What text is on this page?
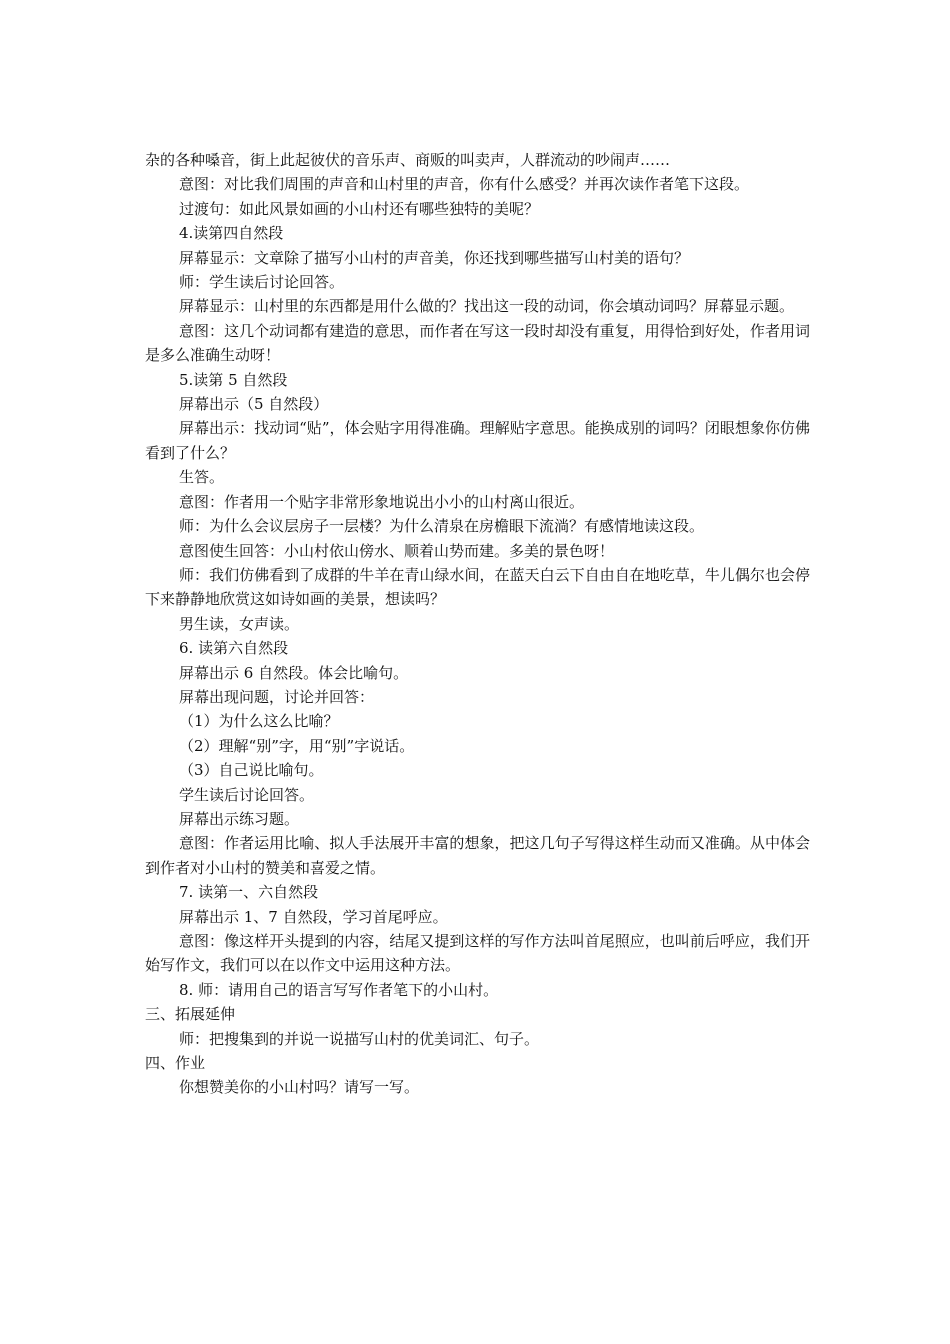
杂的各种嗓音，街上此起彼伏的音乐声、商贩的叫卖声，人群流动的吵闹声……

意图：对比我们周围的声音和山村里的声音，你有什么感受？并再次读作者笔下这段。

过渡句：如此风景如画的小山村还有哪些独特的美呢？

4.读第四自然段

屏幕显示：文章除了描写小山村的声音美，你还找到哪些描写山村美的语句？

师：学生读后讨论回答。

屏幕显示：山村里的东西都是用什么做的？找出这一段的动词，你会填动词吗？屏幕显示题。

意图：这几个动词都有建造的意思，而作者在写这一段时却没有重复，用得恰到好处，作者用词是多么准确生动呀！

5.读第 5 自然段

屏幕出示（5 自然段）

屏幕出示：找动词“贴”，体会贴字用得准确。理解贴字意思。能换成别的词吗？闭眼想象你仿佛看到了什么？

生答。

意图：作者用一个贴字非常形象地说出小小的山村离山很近。

师：为什么会议层房子一层楼？为什么清泉在房檐眼下流淌？有感情地读这段。

意图使生回答：小山村依山傍水、顺着山势而建。多美的景色呀！

师：我们仿佛看到了成群的牛羊在青山绿水间，在蓝天白云下自由自在地吃草，牛儿偶尔也会停下来静静地欣赏这如诗如画的美景，想读吗？

男生读，女声读。

6. 读第六自然段

屏幕出示 6 自然段。体会比喻句。

屏幕出现问题，讨论并回答：

（1）为什么这么比喻？

（2）理解“别”字，用“别”字说话。

（3）自己说比喻句。

学生读后讨论回答。

屏幕出示练习题。

意图：作者运用比喻、拟人手法展开丰富的想象，把这几句子写得这样生动而又准确。从中体会到作者对小山村的赞美和喜爱之情。

7. 读第一、六自然段

屏幕出示 1、7 自然段，学习首尾呼应。

意图：像这样开头提到的内容，结尾又提到这样的写作方法叫首尾照应，也叫前后呼应，我们开始写作文，我们可以在以作文中运用这种方法。

8. 师：请用自己的语言写写作者笔下的小山村。

三、拓展延伸

师：把搜集到的并说一说描写山村的优美词汇、句子。

四、作业

你想赞美你的小山村吗？请写一写。
